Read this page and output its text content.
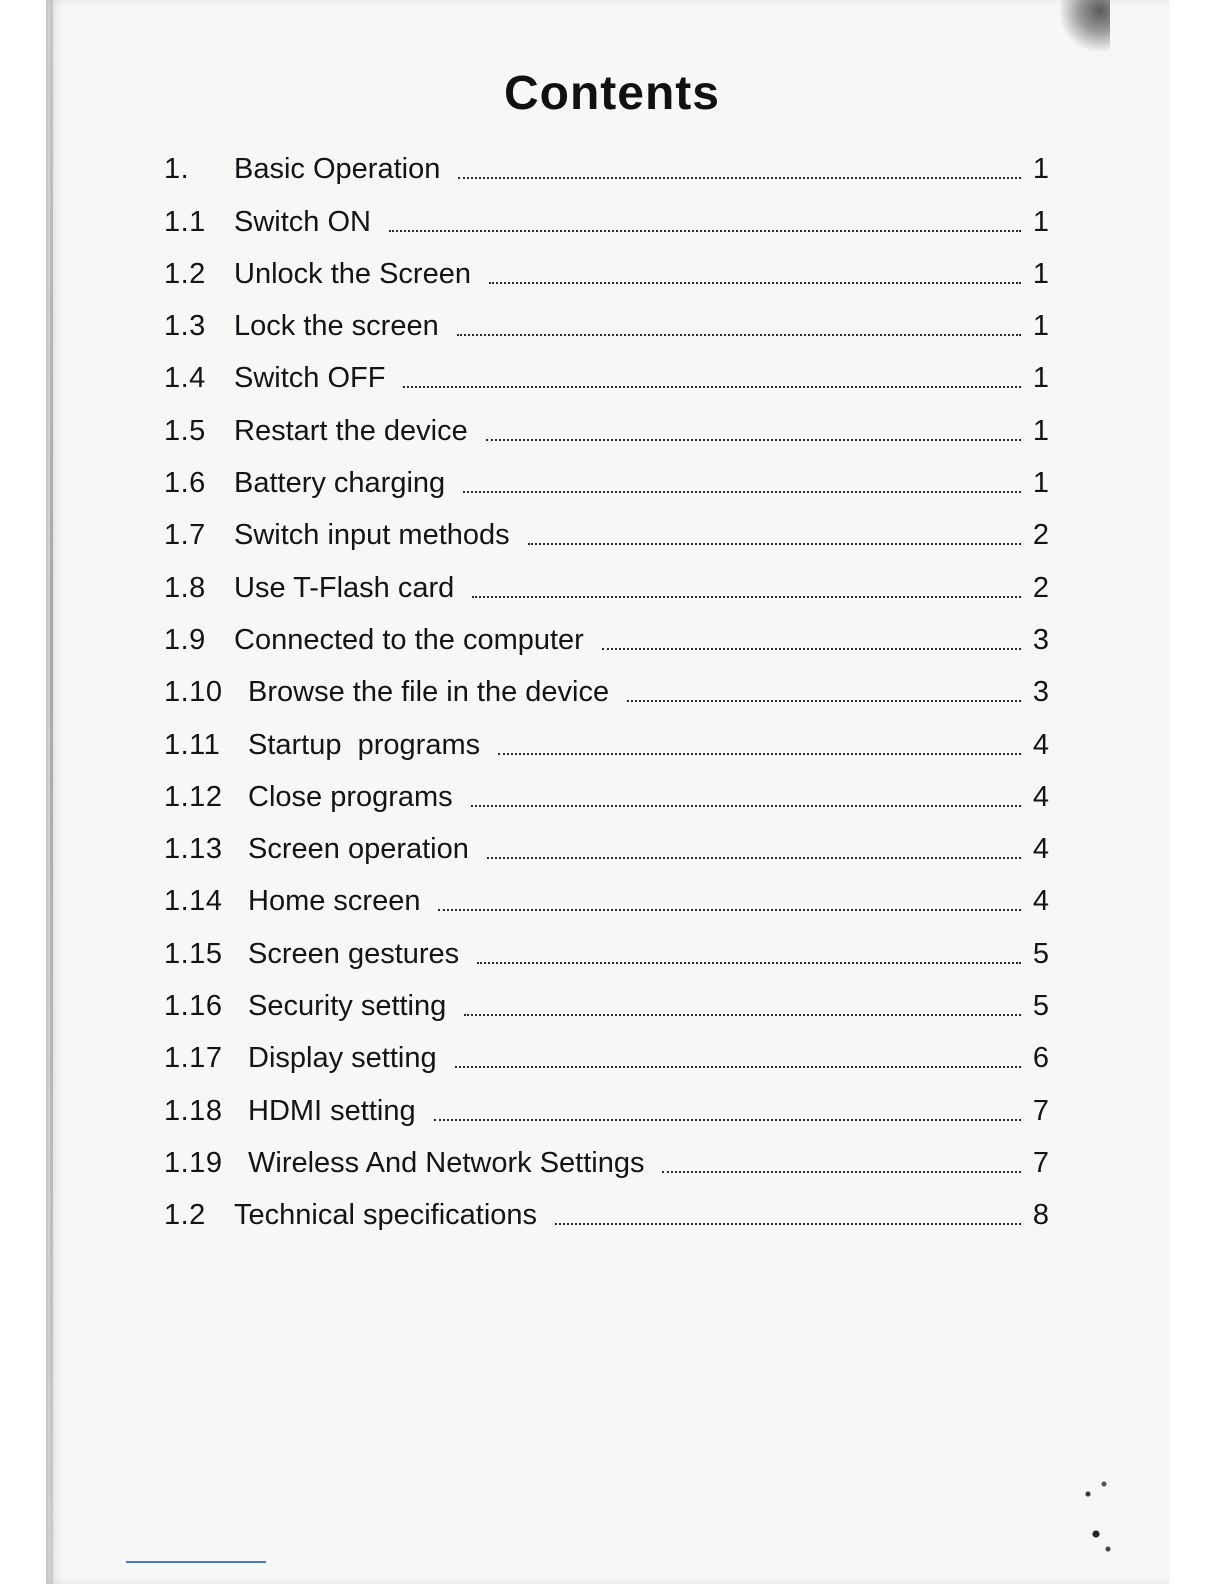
Contents
1.	Basic Operation	1
1.1 Switch ON	1
1.2 Unlock the Screen	1
1.3 Lock the screen	1
1.4 Switch OFF	1
1.5 Restart the device	1
1.6 Battery charging	1
1.7 Switch input methods	2
1.8 Use T-Flash card	2
1.9 Connected to the computer	3
1.10 Browse the file in the device	3
1.11 Startup  programs	4
1.12 Close programs	4
1.13 Screen operation	4
1.14 Home screen	4
1.15 Screen gestures	5
1.16 Security setting	5
1.17 Display setting	6
1.18 HDMI setting	7
1.19 Wireless And Network Settings	7
1.2 Technical specifications	8
